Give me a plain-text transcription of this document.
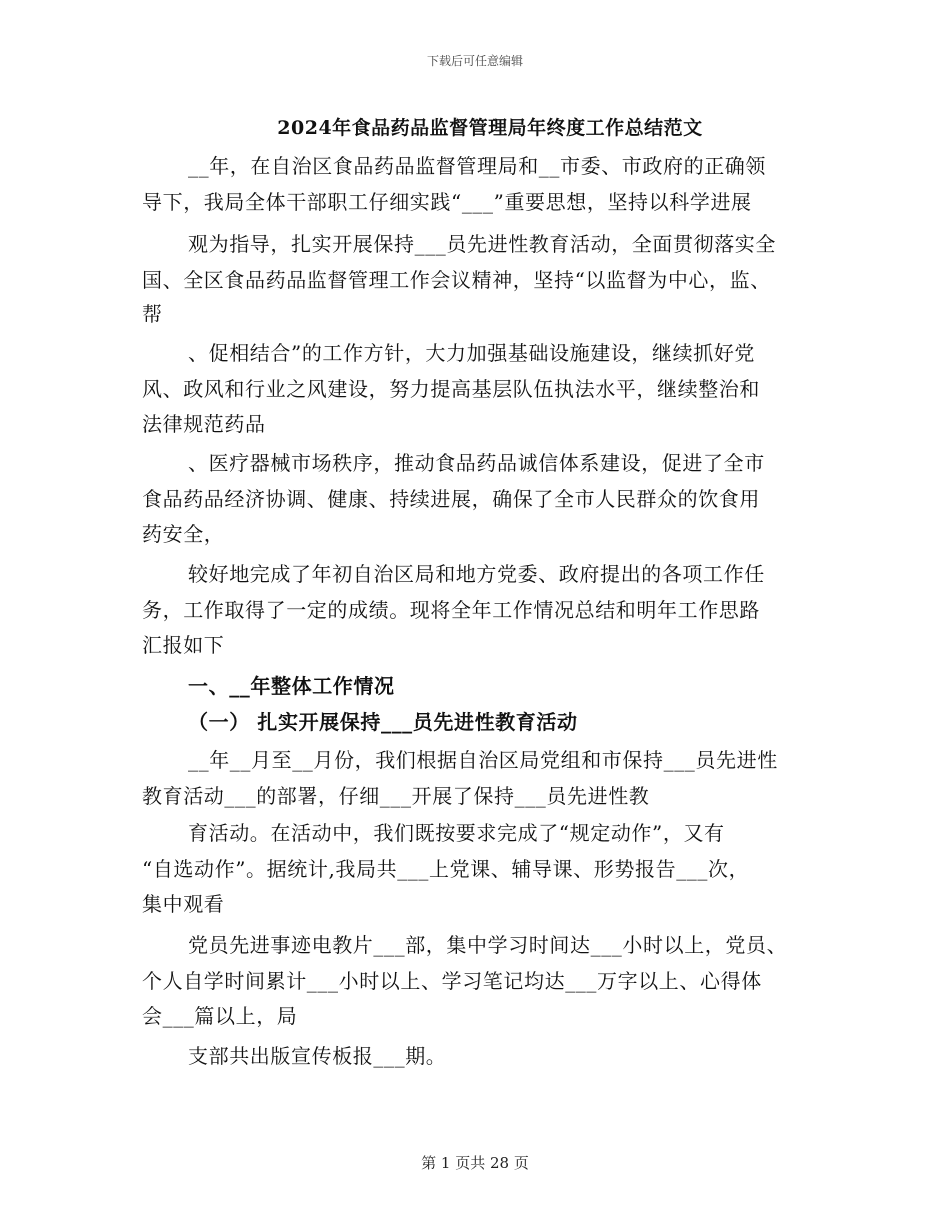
下载后可任意编辑
2024年食品药品监督管理局年终度工作总结范文
__年，在自治区食品药品监督管理局和__市委、市政府的正确领
导下，我局全体干部职工仔细实践“___”重要思想，坚持以科学进展
观为指导，扎实开展保持___员先进性教育活动，全面贯彻落实全
国、全区食品药品监督管理工作会议精神，坚持“以监督为中心，监、
帮
、促相结合”的工作方针，大力加强基础设施建设，继续抓好党
风、政风和行业之风建设，努力提高基层队伍执法水平，继续整治和
法律规范药品
、医疗器械市场秩序，推动食品药品诚信体系建设，促进了全市
食品药品经济协调、健康、持续进展，确保了全市人民群众的饮食用
药安全，
较好地完成了年初自治区局和地方党委、政府提出的各项工作任
务，工作取得了一定的成绩。现将全年工作情况总结和明年工作思路
汇报如下
一、__年整体工作情况
（一） 扎实开展保持___员先进性教育活动
__年__月至__月份，我们根据自治区局党组和市保持___员先进性
教育活动___的部署，仔细___开展了保持___员先进性教
育活动。在活动中，我们既按要求完成了“规定动作”，又有
“自选动作”。据统计,我局共___上党课、辅导课、形势报告___次，
集中观看
党员先进事迹电教片___部，集中学习时间达___小时以上，党员、
个人自学时间累计___小时以上、学习笔记均达___万字以上、心得体
会___篇以上，局
支部共出版宣传板报___期。
第 1 页共 28 页
